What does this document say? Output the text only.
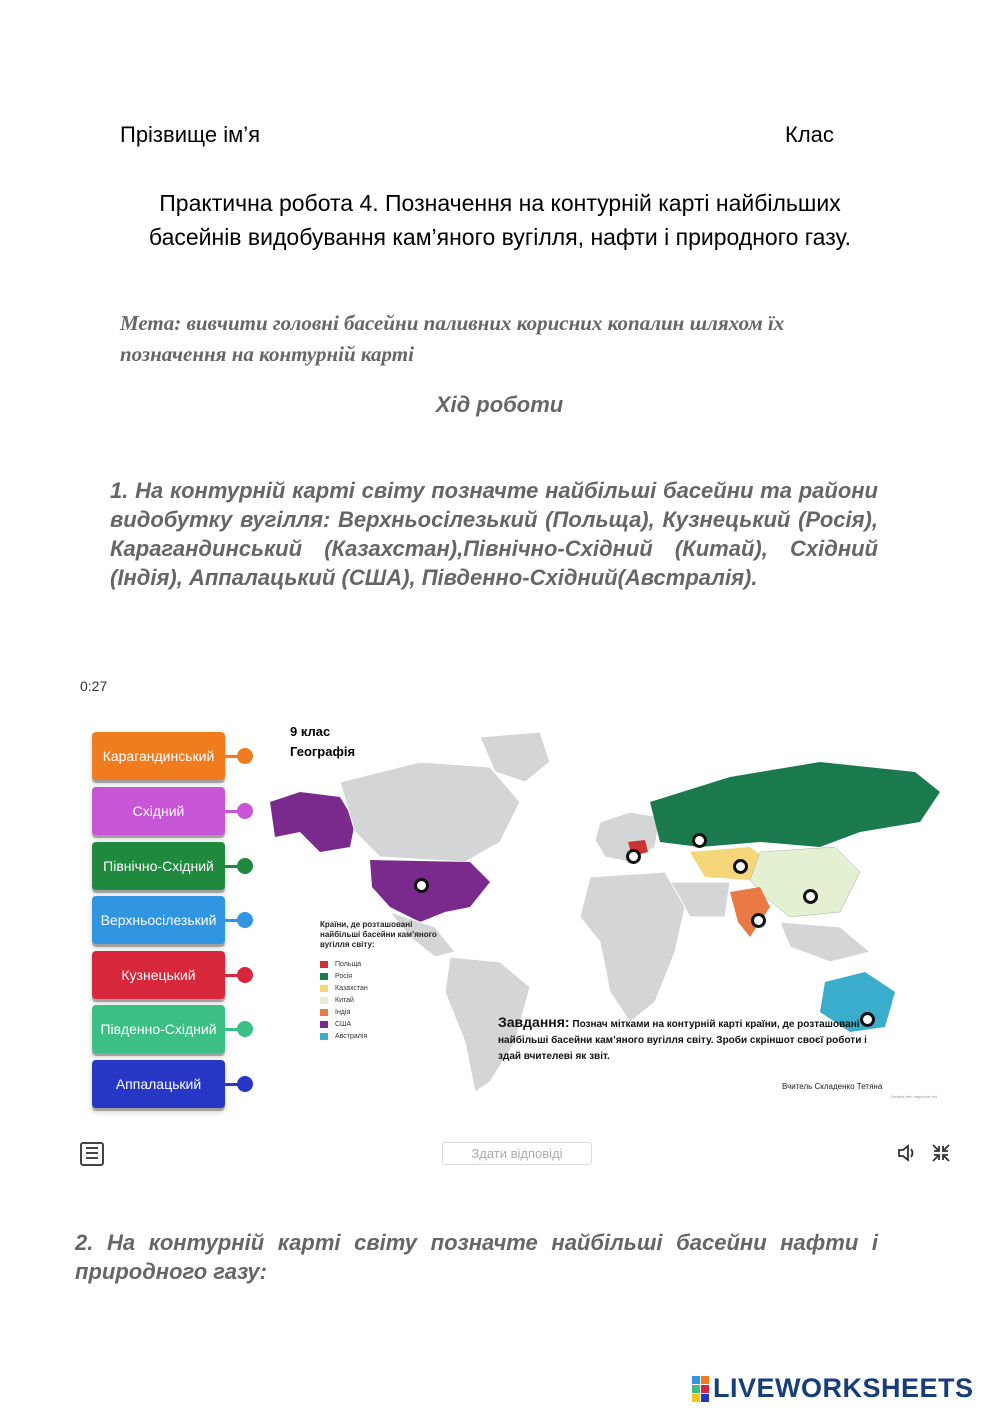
Прізвище ім’я	Клас
Практична робота 4. Позначення на контурній карті найбільших басейнів видобування кам’яного вугілля, нафти і природного газу.
Мета: вивчити головні басейни паливних корисних копалин шляхом їх позначення на контурній карті
Хід роботи
1. На контурній карті світу позначте найбільші басейни та райони видобутку вугілля: Верхньосілезький (Польща), Кузнецький (Росія), Карагандинський (Казахстан),Північно-Східний (Китай), Східний (Індія), Аппалацький (США), Південно-Східний(Австралія).
0:27
Карагандинський
Східний
Північно-Східний
Верхньосілезький
Кузнецький
Південно-Східний
Аппалацький
9 клас
Географія
Країни, де розташовані найбільші басейни кам’яного вугілля світу:
Польща
Росія
Казахстан
Китай
Індія
США
Австралія
Завдання: Познач мітками на контурній карті країни, де розташовані найбільші басейни кам’яного вугілля світу. Зроби скріншот своєї роботи і здай вчителеві як звіт.
Вчитель Складенко Тетяна
Created with mapchart.net
Здати відповіді
2. На контурній карті світу позначте найбільші басейни нафти і природного газу:
LIVEWORKSHEETS
